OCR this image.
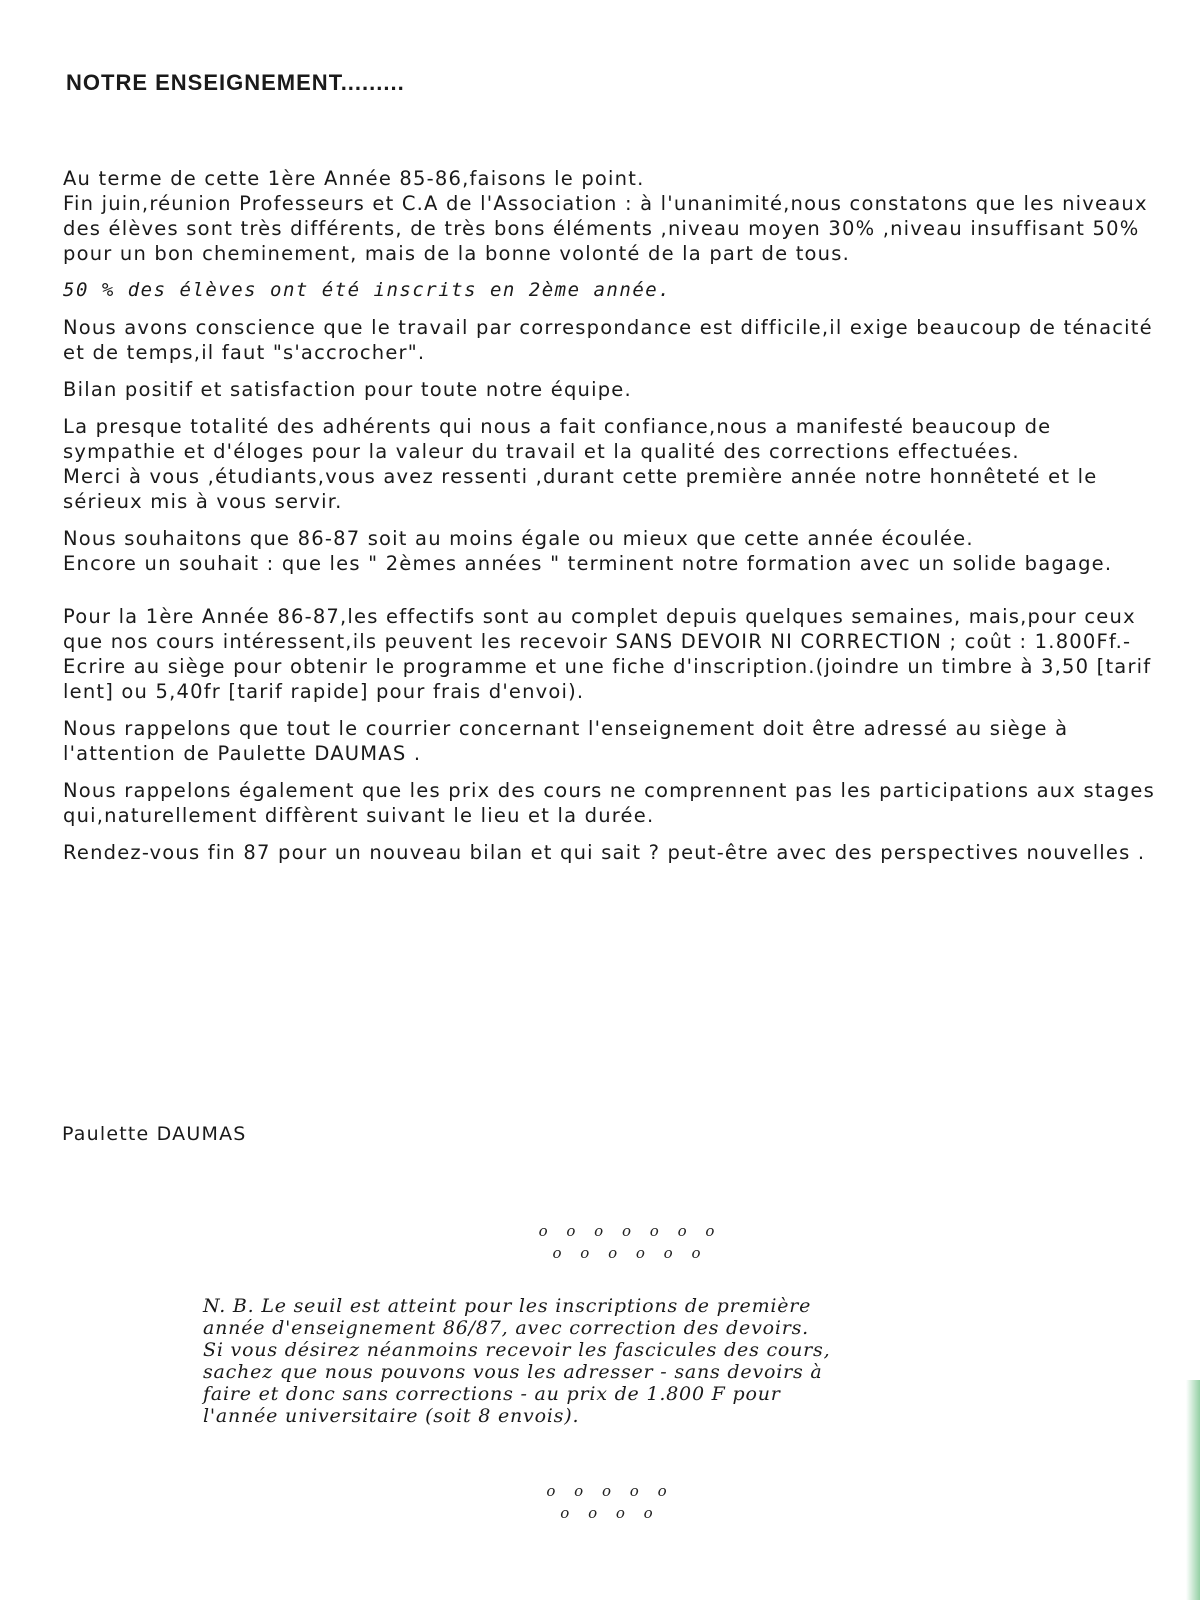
NOTRE ENSEIGNEMENT.........

Au terme de cette 1ère Année 85-86,faisons le point.
Fin juin,réunion Professeurs et C.A de l'Association : à l'unanimité,nous constatons que les niveaux des élèves sont très différents, de très bons éléments ,niveau moyen 30% ,niveau insuffisant 50% pour un bon cheminement, mais de la bonne volonté de la part de tous.

50 % des élèves ont été inscrits en 2ème année.

Nous avons conscience que le travail par correspondance est difficile,il exige beaucoup de ténacité et de temps,il faut "s'accrocher".

Bilan positif et satisfaction pour toute notre équipe.

La presque totalité des adhérents qui nous a fait confiance,nous a manifesté beaucoup de sympathie et d'éloges pour la valeur du travail et la qualité des corrections effectuées.
Merci à vous ,étudiants,vous avez ressenti ,durant cette première année notre honnêteté et le sérieux mis à vous servir.

Nous souhaitons que 86-87 soit au moins égale ou mieux que cette année écoulée.
Encore un souhait : que les " 2èmes années " terminent notre formation avec un solide bagage.

Pour la 1ère Année 86-87,les effectifs sont au complet depuis quelques semaines, mais,pour ceux que nos cours intéressent,ils peuvent les recevoir SANS DEVOIR NI CORRECTION ; coût : 1.800Ff.- Ecrire au siège pour obtenir le programme et une fiche d'inscription.(joindre un timbre à 3,50 [tarif lent] ou 5,40fr [tarif rapide] pour frais d'envoi).

Nous rappelons que tout le courrier concernant l'enseignement doit être adressé au siège à l'attention de Paulette DAUMAS .

Nous rappelons également que les prix des cours ne comprennent pas les participations aux stages qui,naturellement diffèrent suivant le lieu et la durée.

Rendez-vous fin 87 pour un nouveau bilan et qui sait ? peut-être avec des perspectives nouvelles .

Paulette DAUMAS
o o o o o o o
o o o o o o
N. B. Le seuil est atteint pour les inscriptions de première
année d'enseignement 86/87, avec correction des devoirs.
Si vous désirez néanmoins recevoir les fascicules des cours,
sachez que nous pouvons vous les adresser - sans devoirs à
faire et donc sans corrections - au prix de 1.800 F pour
l'année universitaire (soit 8 envois).
o o o o o
o o o o
